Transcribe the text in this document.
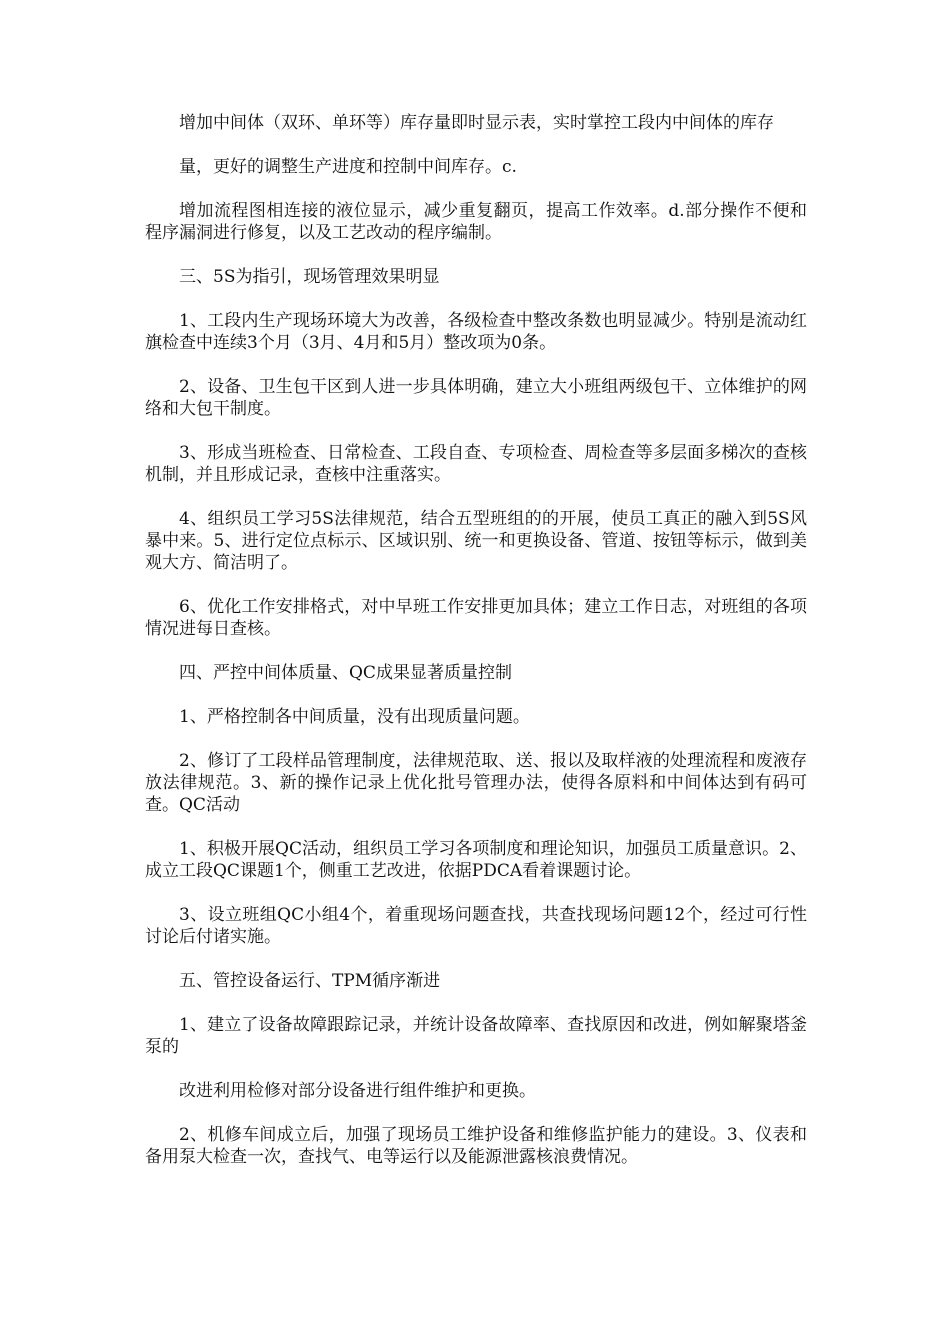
增加中间体（双环、单环等）库存量即时显示表，实时掌控工段内中间体的库存

量，更好的调整生产进度和控制中间库存。c.

增加流程图相连接的液位显示，减少重复翻页，提高工作效率。d.部分操作不便和程序漏洞进行修复，以及工艺改动的程序编制。

三、5S为指引，现场管理效果明显

1、工段内生产现场环境大为改善，各级检查中整改条数也明显减少。特别是流动红旗检查中连续3个月（3月、4月和5月）整改项为0条。

2、设备、卫生包干区到人进一步具体明确，建立大小班组两级包干、立体维护的网络和大包干制度。

3、形成当班检查、日常检查、工段自查、专项检查、周检查等多层面多梯次的查核机制，并且形成记录，查核中注重落实。

4、组织员工学习5S法律规范，结合五型班组的的开展，使员工真正的融入到5S风暴中来。5、进行定位点标示、区域识别、统一和更换设备、管道、按钮等标示，做到美观大方、简洁明了。

6、优化工作安排格式，对中早班工作安排更加具体；建立工作日志，对班组的各项情况进每日查核。

四、严控中间体质量、QC成果显著质量控制

1、严格控制各中间质量，没有出现质量问题。

2、修订了工段样品管理制度，法律规范取、送、报以及取样液的处理流程和废液存放法律规范。3、新的操作记录上优化批号管理办法，使得各原料和中间体达到有码可查。QC活动

1、积极开展QC活动，组织员工学习各项制度和理论知识，加强员工质量意识。2、成立工段QC课题1个，侧重工艺改进，依据PDCA看着课题讨论。

3、设立班组QC小组4个，着重现场问题查找，共查找现场问题12个，经过可行性讨论后付诸实施。

五、管控设备运行、TPM循序渐进

1、建立了设备故障跟踪记录，并统计设备故障率、查找原因和改进，例如解聚塔釜泵的

改进利用检修对部分设备进行组件维护和更换。

2、机修车间成立后，加强了现场员工维护设备和维修监护能力的建设。3、仪表和备用泵大检查一次，查找气、电等运行以及能源泄露核浪费情况。
